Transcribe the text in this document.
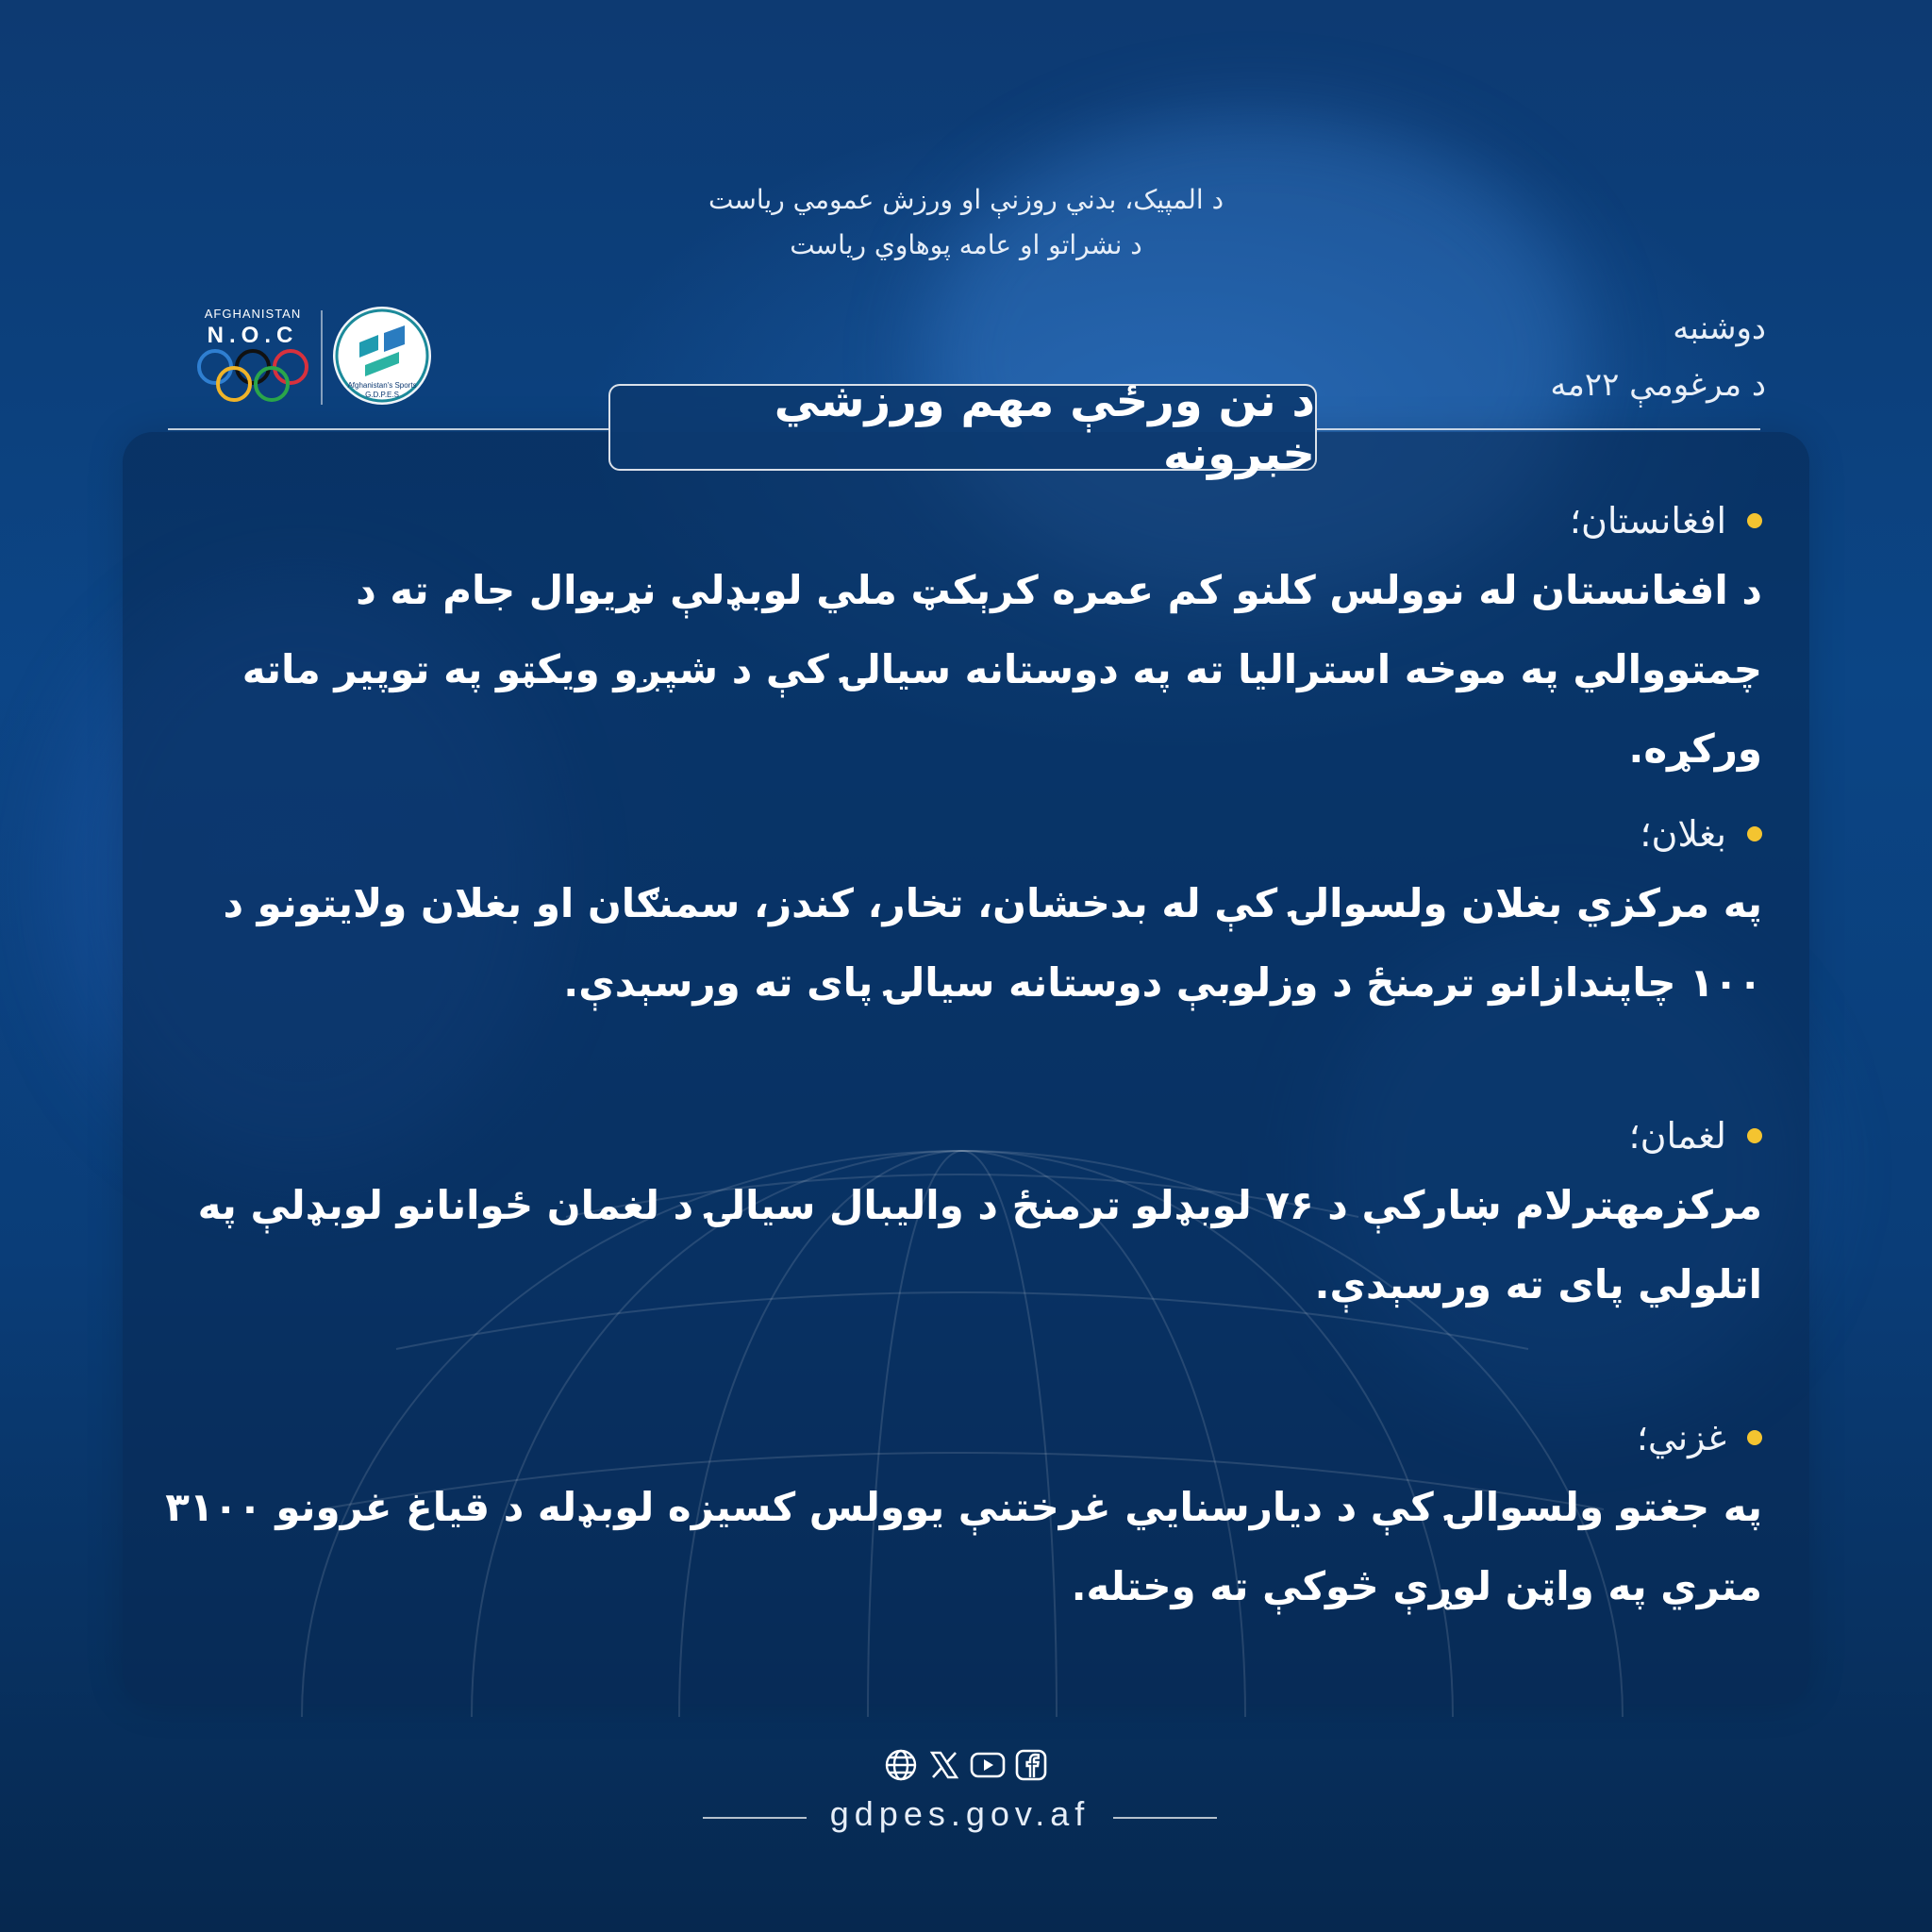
د المپیک، بدني روزنې او ورزش عمومي ریاست
د نشراتو او عامه پوهاوي ریاست
AFGHANISTAN
N.O.C
Afghanistan's Sports
G.D.P.E.S
دوشنبه
د مرغومې ۲۲مه
د نن ورځې مهم ورزشي خبرونه
افغانستان؛
د افغانستان له نوولس کلنو کم عمره کرېکټ ملي لوبډلې نړیوال جام ته د چمتووالي په موخه استرالیا ته په دوستانه سیالۍ کې د شپږو ویکټو په توپیر ماته ورکړه.
بغلان؛
په مرکزي بغلان ولسوالۍ کې له بدخشان، تخار، کندز، سمنګان او بغلان ولایتونو د ۱۰۰ چاپندازانو ترمنځ د وزلوبې دوستانه سیالۍ پای ته ورسېدې.
لغمان؛
مرکزمهترلام ښارکې د ۷۶ لوبډلو ترمنځ د والیبال سیالۍ د لغمان ځوانانو لوبډلې په اتلولي پای ته ورسېدې.
غزني؛
په جغتو ولسوالۍ کې د دیارسنایي غرختنې یوولس کسیزه لوبډله د قیاغ غرونو ۳۱۰۰ متري په واټن لوړې څوکې ته وختله.
gdpes.gov.af
